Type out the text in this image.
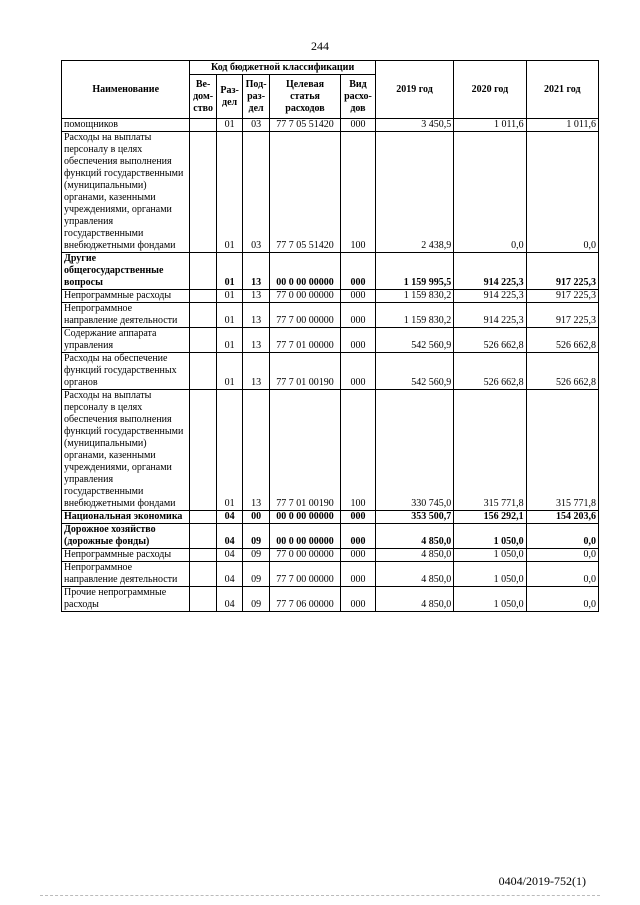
244
Наименование	Код бюджетной классификации					2019 год	2020 год	2021 год
	Ве-дом-ство	Раз-дел	Под-раз-дел	Целевая статья расходов	Вид расхо-дов			
помощников		01	03	77 7 05 51420	000	3 450,5	1 011,6	1 011,6
Расходы на выплаты персоналу в целях обеспечения выполнения функций государственными (муниципальными) органами, казенными учреждениями, органами управления государственными внебюджетными фондами		01	03	77 7 05 51420	100	2 438,9	0,0	0,0
Другие общегосударственные вопросы		01	13	00 0 00 00000	000	1 159 995,5	914 225,3	917 225,3
Непрограммные расходы		01	13	77 0 00 00000	000	1 159 830,2	914 225,3	917 225,3
Непрограммное направление деятельности		01	13	77 7 00 00000	000	1 159 830,2	914 225,3	917 225,3
Содержание аппарата управления		01	13	77 7 01 00000	000	542 560,9	526 662,8	526 662,8
Расходы на обеспечение функций государственных органов		01	13	77 7 01 00190	000	542 560,9	526 662,8	526 662,8
Расходы на выплаты персоналу в целях обеспечения выполнения функций государственными (муниципальными) органами, казенными учреждениями, органами управления государственными внебюджетными фондами		01	13	77 7 01 00190	100	330 745,0	315 771,8	315 771,8
Национальная экономика		04	00	00 0 00 00000	000	353 500,7	156 292,1	154 203,6
Дорожное хозяйство (дорожные фонды)		04	09	00 0 00 00000	000	4 850,0	1 050,0	0,0
Непрограммные расходы		04	09	77 0 00 00000	000	4 850,0	1 050,0	0,0
Непрограммное направление деятельности		04	09	77 7 00 00000	000	4 850,0	1 050,0	0,0
Прочие непрограммные расходы		04	09	77 7 06 00000	000	4 850,0	1 050,0	0,0
0404/2019-752(1)
